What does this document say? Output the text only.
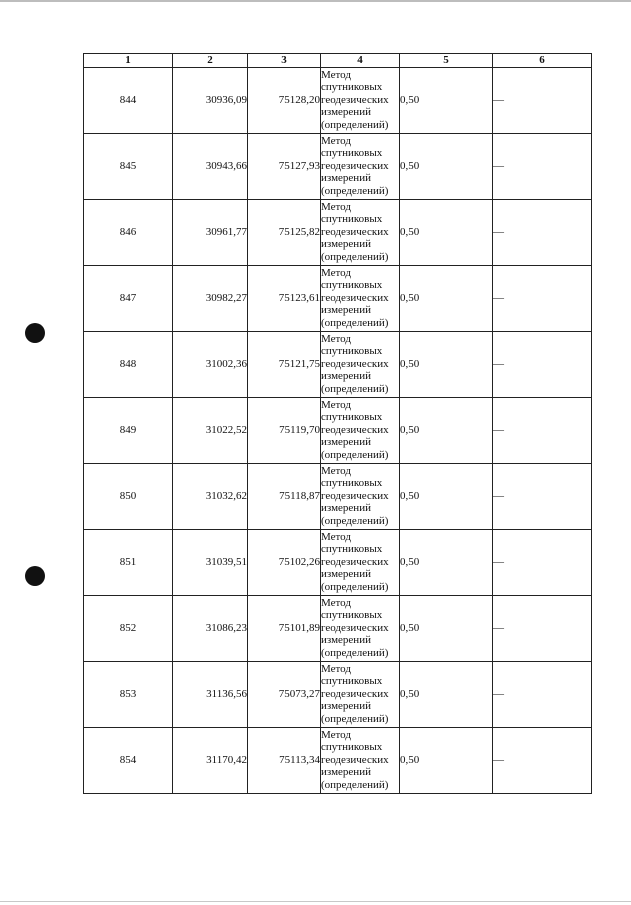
1	2	3	4	5	6
844	30936,09	75128,20	Метод
спутниковых
геодезических
измерений
(определений)	0,50	—
845	30943,66	75127,93	Метод
спутниковых
геодезических
измерений
(определений)	0,50	—
846	30961,77	75125,82	Метод
спутниковых
геодезических
измерений
(определений)	0,50	—
847	30982,27	75123,61	Метод
спутниковых
геодезических
измерений
(определений)	0,50	—
848	31002,36	75121,75	Метод
спутниковых
геодезических
измерений
(определений)	0,50	—
849	31022,52	75119,70	Метод
спутниковых
геодезических
измерений
(определений)	0,50	—
850	31032,62	75118,87	Метод
спутниковых
геодезических
измерений
(определений)	0,50	—
851	31039,51	75102,26	Метод
спутниковых
геодезических
измерений
(определений)	0,50	—
852	31086,23	75101,89	Метод
спутниковых
геодезических
измерений
(определений)	0,50	—
853	31136,56	75073,27	Метод
спутниковых
геодезических
измерений
(определений)	0,50	—
854	31170,42	75113,34	Метод
спутниковых
геодезических
измерений
(определений)	0,50	—
